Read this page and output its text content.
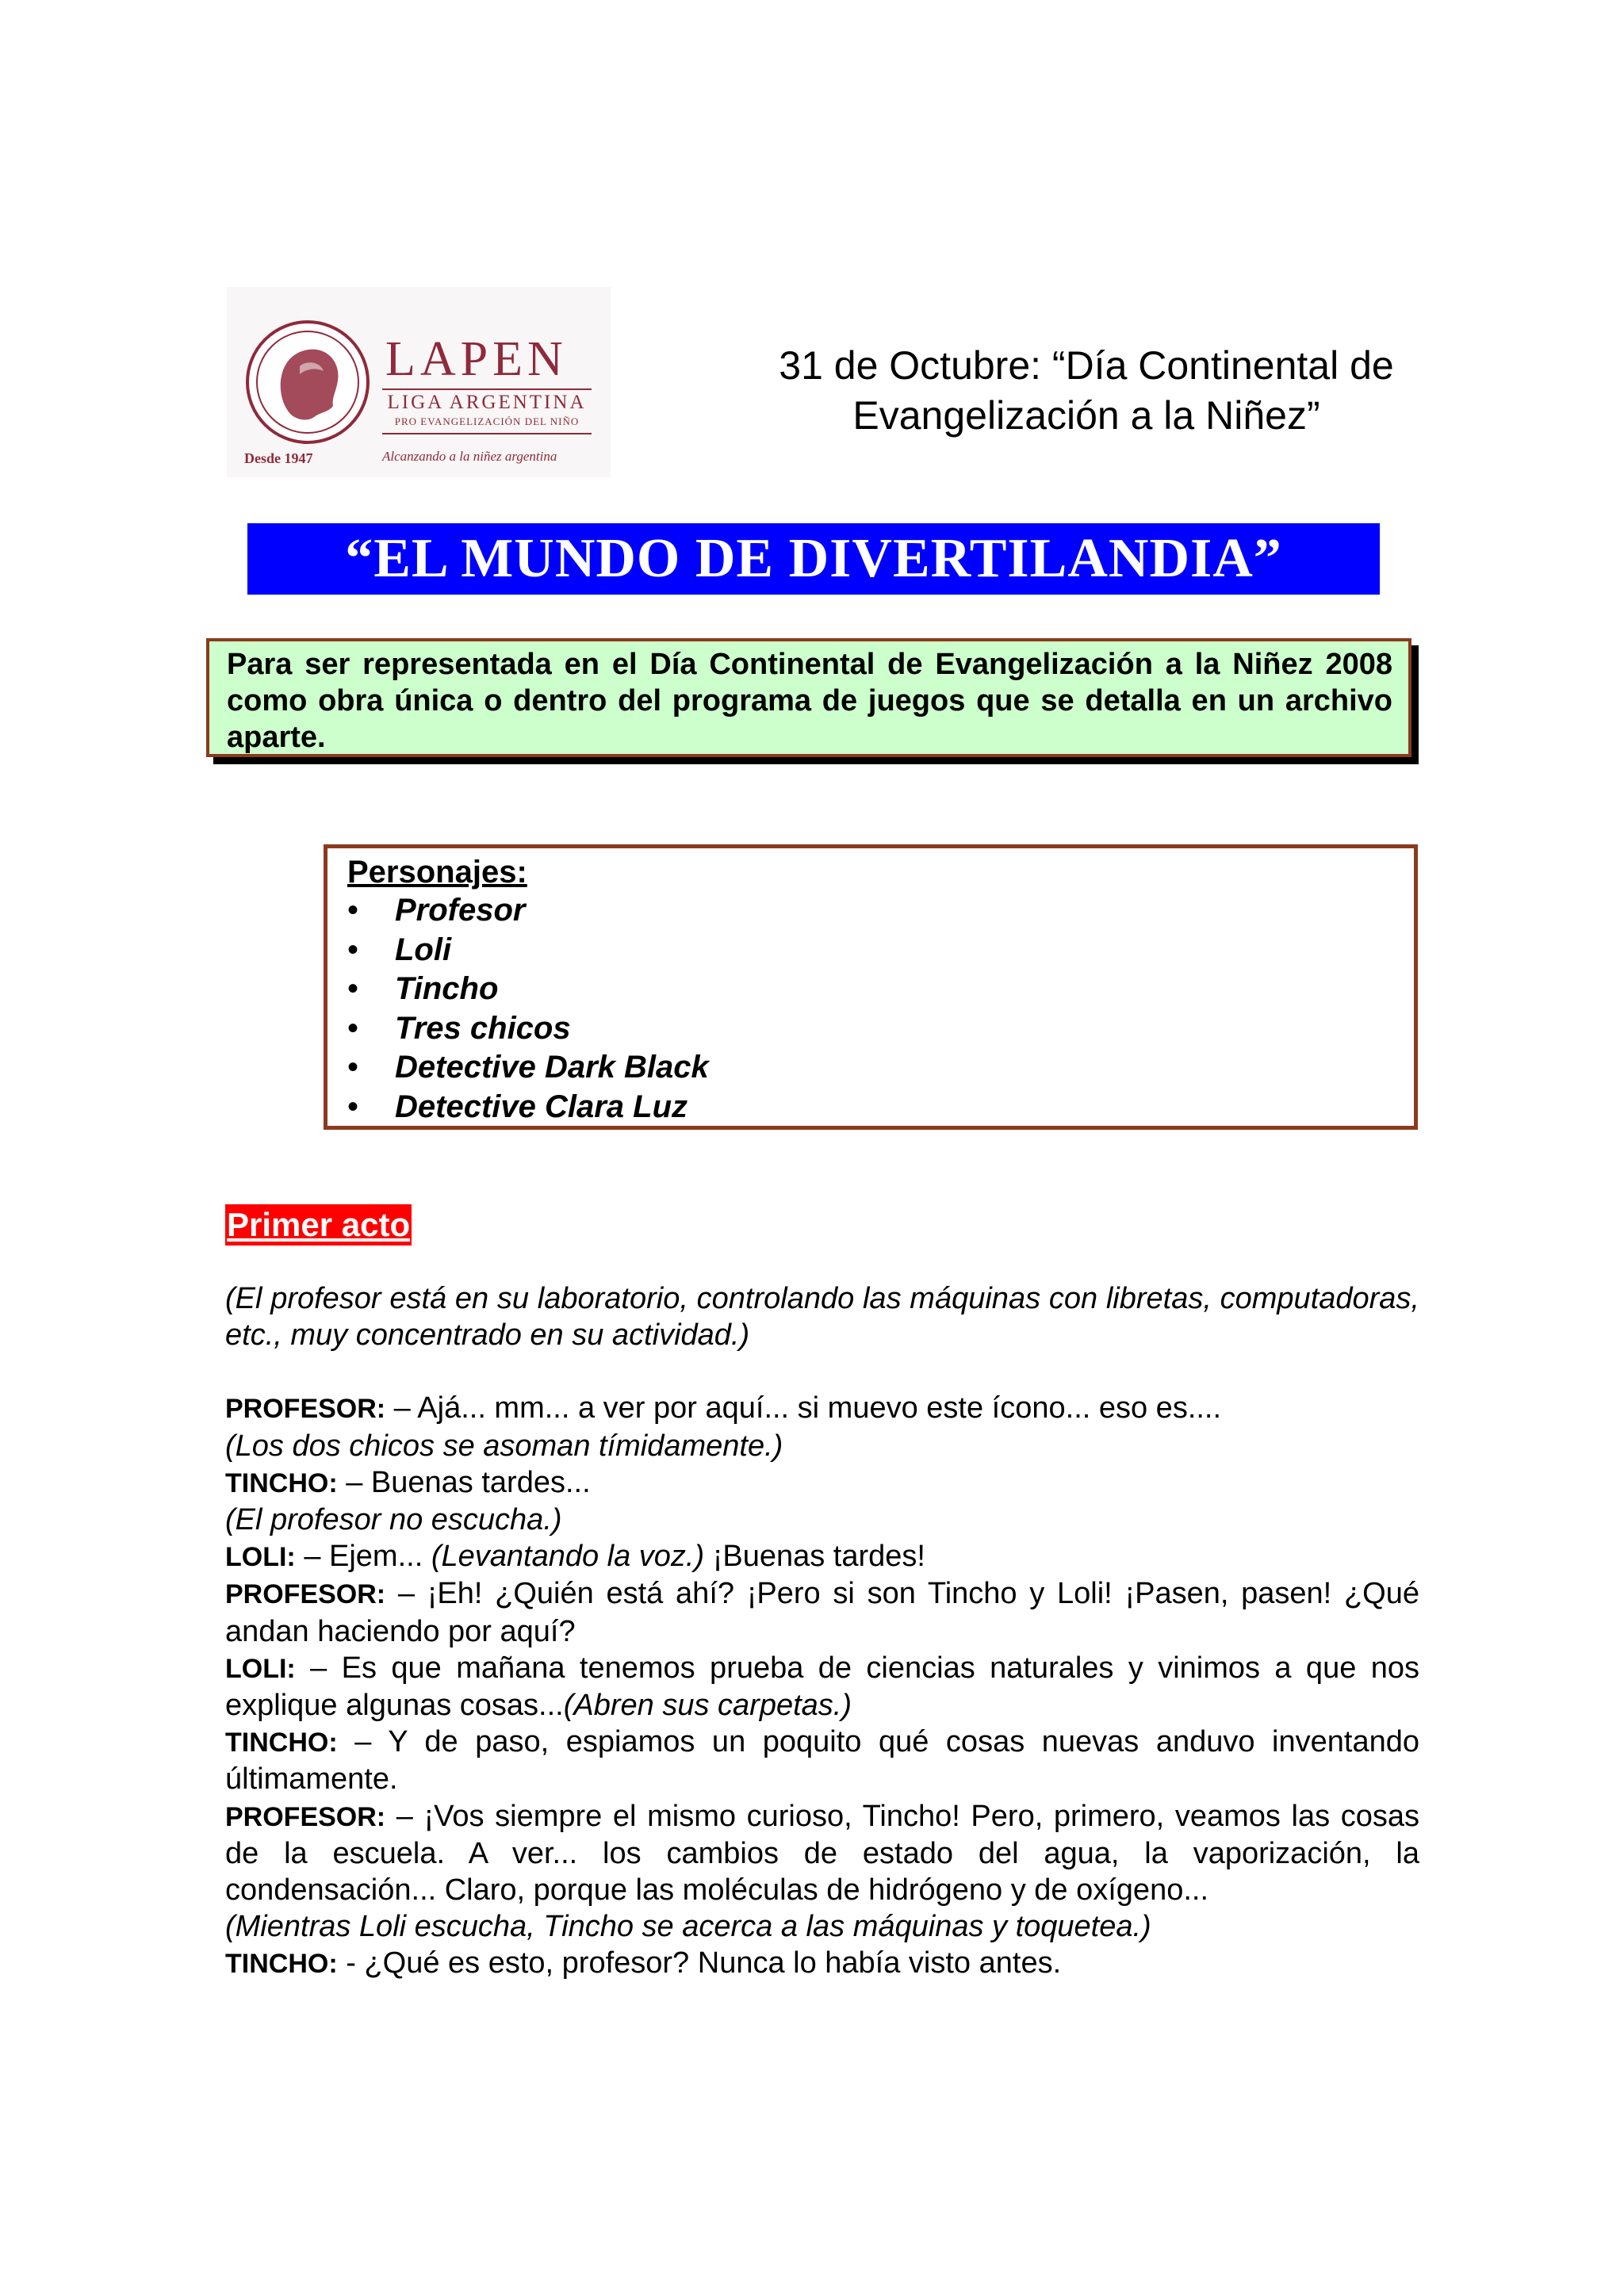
LAPEN
LIGA ARGENTINA
PRO EVANGELIZACIÓN DEL NIÑO
Desde 1947	Alcanzando a la niñez argentina
31 de Octubre: “Día Continental de
Evangelización a la Niñez”
“EL MUNDO DE DIVERTILANDIA”
Para ser representada en el Día Continental de Evangelización a la Niñez 2008 como obra única o dentro del programa de juegos que se detalla en un archivo aparte.
Personajes:
• Profesor
• Loli
• Tincho
• Tres chicos
• Detective Dark Black
• Detective Clara Luz
Primer acto

(El profesor está en su laboratorio, controlando las máquinas con libretas, computadoras, etc., muy concentrado en su actividad.)

PROFESOR: – Ajá... mm... a ver por aquí... si muevo este ícono... eso es....

(Los dos chicos se asoman tímidamente.)

TINCHO: – Buenas tardes...

(El profesor no escucha.)

LOLI: – Ejem... (Levantando la voz.) ¡Buenas tardes!

PROFESOR: – ¡Eh! ¿Quién está ahí? ¡Pero si son Tincho y Loli! ¡Pasen, pasen! ¿Qué andan haciendo por aquí?

LOLI: – Es que mañana tenemos prueba de ciencias naturales y vinimos a que nos explique algunas cosas...(Abren sus carpetas.)

TINCHO: – Y de paso, espiamos un poquito qué cosas nuevas anduvo inventando últimamente.

PROFESOR: – ¡Vos siempre el mismo curioso, Tincho! Pero, primero, veamos las cosas de la escuela. A ver... los cambios de estado del agua, la vaporización, la condensación... Claro, porque las moléculas de hidrógeno y de oxígeno...

(Mientras Loli escucha, Tincho se acerca a las máquinas y toquetea.)

TINCHO: - ¿Qué es esto, profesor? Nunca lo había visto antes.
